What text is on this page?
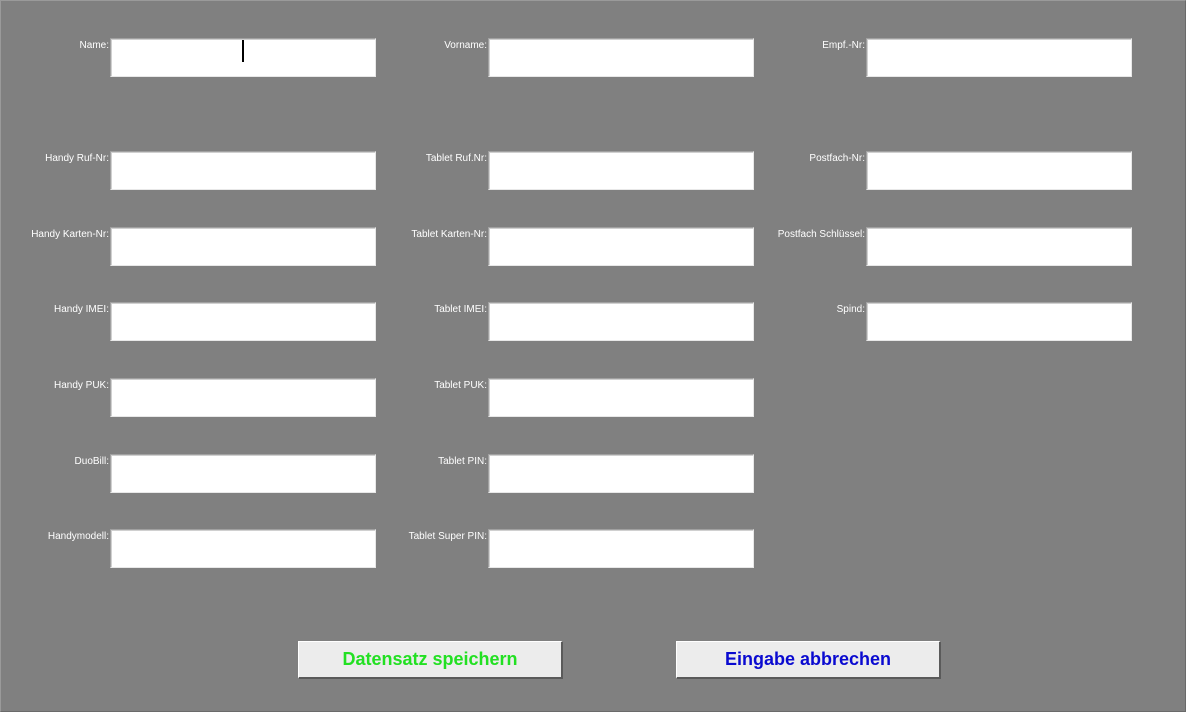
Name:	Vorname:	Empf.-Nr:
Handy Ruf-Nr:	Tablet Ruf.Nr:	Postfach-Nr:
Handy Karten-Nr:	Tablet Karten-Nr:	Postfach Schlüssel:
Handy IMEI:	Tablet IMEI:	Spind:
Handy PUK:	Tablet PUK:
DuoBill:	Tablet PIN:
Handymodell:	Tablet Super PIN:
Datensatz speichern	Eingabe abbrechen
